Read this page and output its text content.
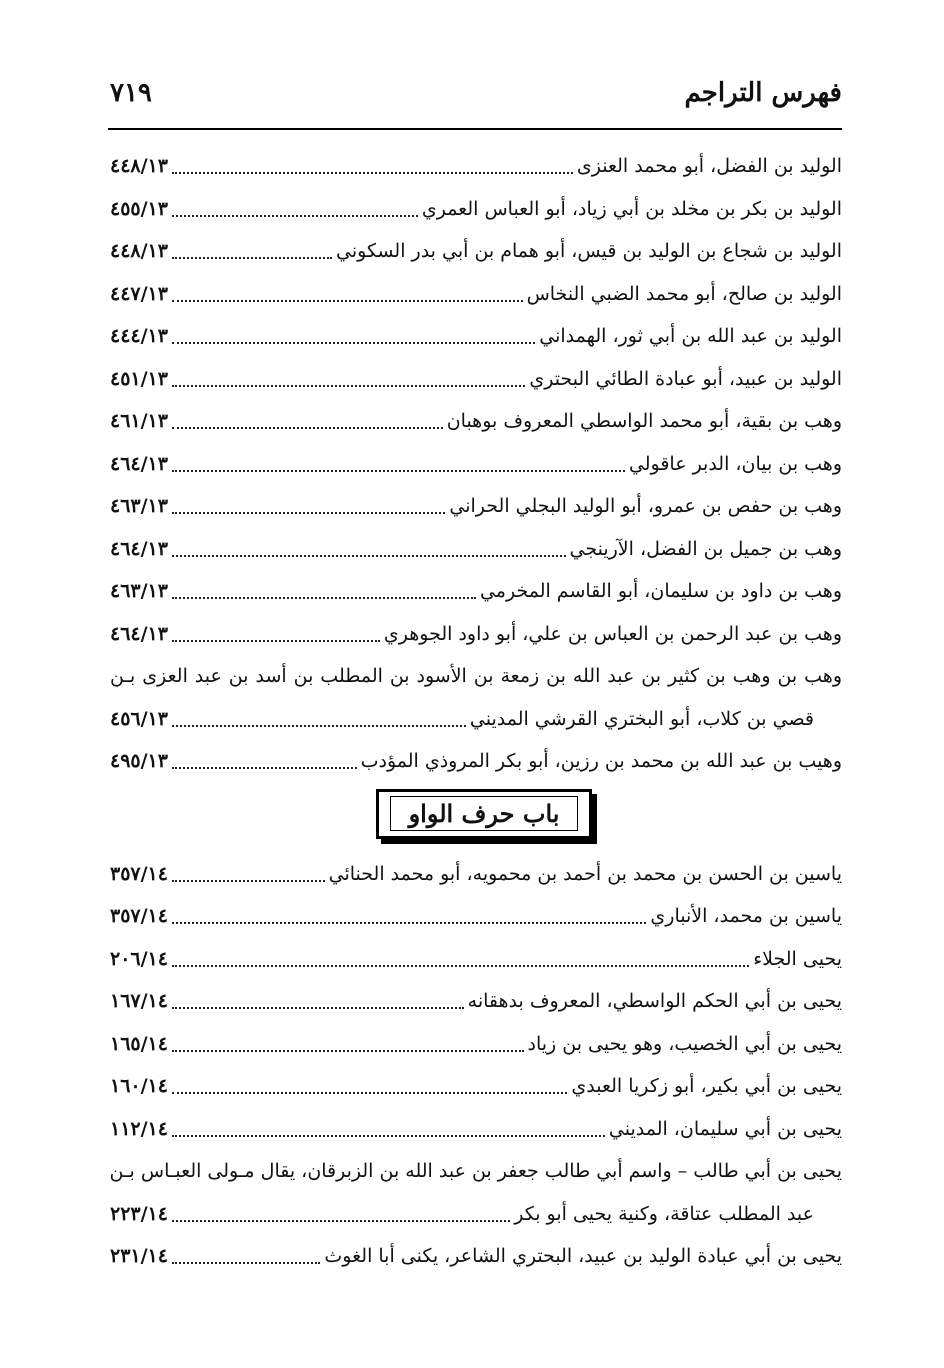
فهرس التراجم
٧١٩
الوليد بن الفضل، أبو محمد العنزى
٤٤٨/١٣
الوليد بن بكر بن مخلد بن أبي زياد، أبو العباس العمري
٤٥٥/١٣
الوليد بن شجاع بن الوليد بن قيس، أبو همام بن أبي بدر السكوني
٤٤٨/١٣
الوليد بن صالح، أبو محمد الضبي النخاس
٤٤٧/١٣
الوليد بن عبد الله بن أبي ثور، الهمداني
٤٤٤/١٣
الوليد بن عبيد، أبو عبادة الطائي البحتري
٤٥١/١٣
وهب بن بقية، أبو محمد الواسطي المعروف بوهبان
٤٦١/١٣
وهب بن بيان، الدبر عاقولي
٤٦٤/١٣
وهب بن حفص بن عمرو، أبو الوليد البجلي الحراني
٤٦٣/١٣
وهب بن جميل بن الفضل، الآرينجي
٤٦٤/١٣
وهب بن داود بن سليمان، أبو القاسم المخرمي
٤٦٣/١٣
وهب بن عبد الرحمن بن العباس بن علي، أبو داود الجوهري
٤٦٤/١٣
وهب بن وهب بن كثير بن عبد الله بن زمعة بن الأسود بن المطلب بن أسد بن عبد العزى بـن
قصي بن كلاب، أبو البختري القرشي المديني
٤٥٦/١٣
وهيب بن عبد الله بن محمد بن رزين، أبو بكر المروذي المؤدب
٤٩٥/١٣
باب حرف الواو
ياسين بن الحسن بن محمد بن أحمد بن محمويه، أبو محمد الحنائي
٣٥٧/١٤
ياسين بن محمد، الأنباري
٣٥٧/١٤
يحيى الجلاء
٢٠٦/١٤
يحيى بن أبي الحكم الواسطي، المعروف بدهقانه
١٦٧/١٤
يحيى بن أبي الخصيب، وهو يحيى بن زياد
١٦٥/١٤
يحيى بن أبي بكير، أبو زكريا العبدي
١٦٠/١٤
يحيى بن أبي سليمان، المديني
١١٢/١٤
يحيى بن أبي طالب – واسم أبي طالب جعفر بن عبد الله بن الزبرقان، يقال مـولى العبـاس بـن
عبد المطلب عتاقة، وكنية يحيى أبو بكر
٢٢٣/١٤
يحيى بن أبي عبادة الوليد بن عبيد، البحتري الشاعر، يكنى أبا الغوث
٢٣١/١٤
